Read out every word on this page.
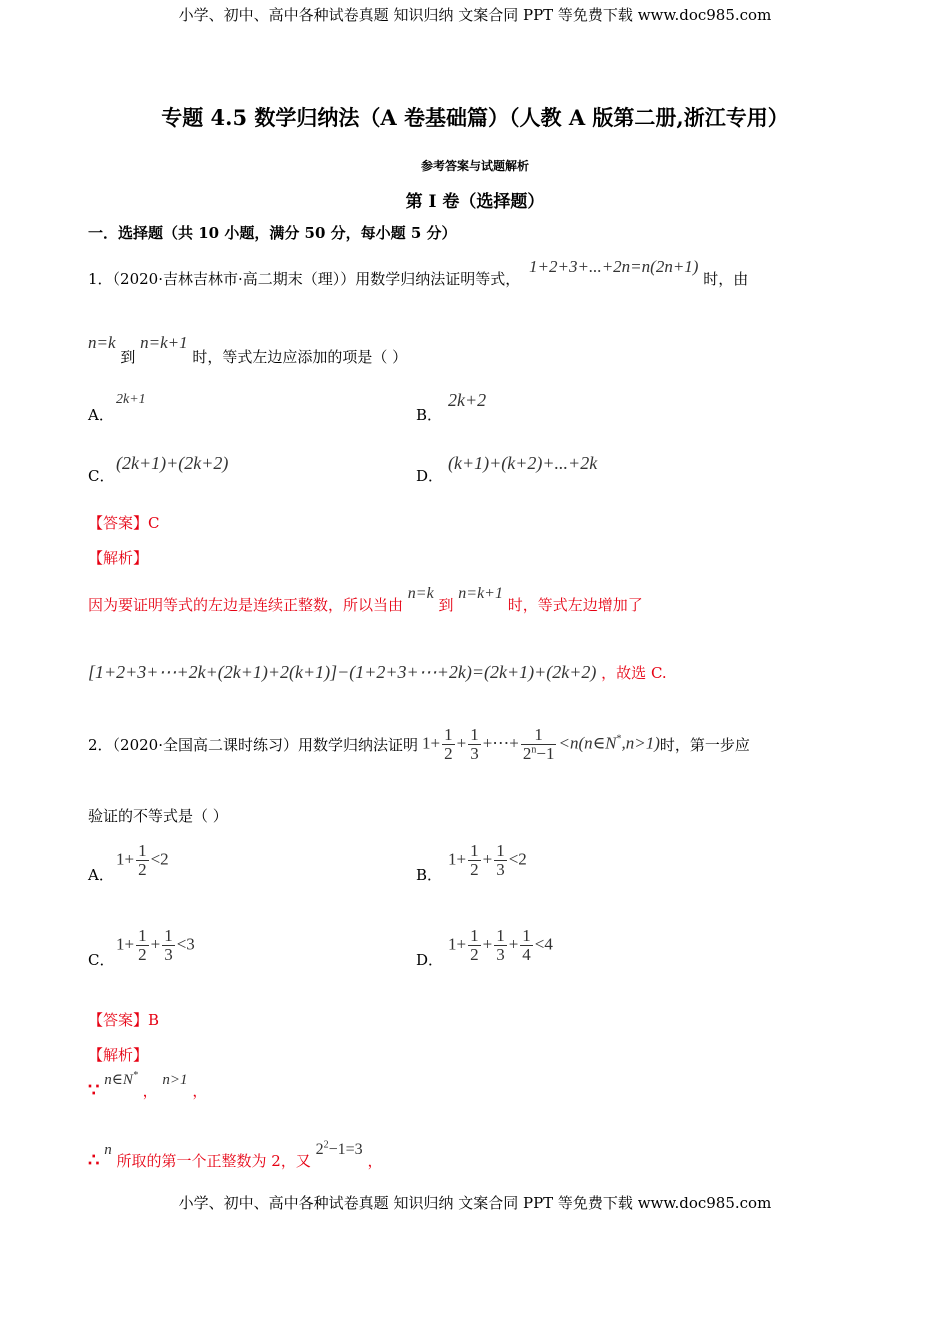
小学、初中、高中各种试卷真题 知识归纳 文案合同 PPT 等免费下载 www.doc985.com
专题 4.5 数学归纳法（A 卷基础篇）（人教 A 版第二册,浙江专用）
参考答案与试题解析
第 I 卷（选择题）
一．选择题（共 10 小题，满分 50 分，每小题 5 分）
1．（2020·吉林吉林市·高二期末（理））用数学归纳法证明等式， 1+2+3+...+2n=n(2n+1) 时，由
n=k 到 n=k+1 时，等式左边应添加的项是（ ）
A．
2k+1
B．
2k+2
C．
(2k+1)+(2k+2)
D．
(k+1)+(k+2)+...+2k
【答案】C
【解析】
因为要证明等式的左边是连续正整数，所以当由 n=k 到 n=k+1 时，等式左边增加了
[1+2+3+⋯+2k+(2k+1)+2(k+1)]−(1+2+3+⋯+2k)=(2k+1)+(2k+2) ，故选 C.
2．（2020·全国高二课时练习）用数学归纳法证明 $1+ \frac{1}{2} + \frac{1}{3}$ +⋯+ $\frac{1}{2^n-1}$ <n(n∈N*,n>1) 时，第一步应
验证的不等式是（ ）
A．
$1+ \frac{1}{2} <2$
B．
$1+ \frac{1}{2} + \frac{1}{3} <2$
C．
$1+ \frac{1}{2} + \frac{1}{3} <3$
D．
$1+ \frac{1}{2} + \frac{1}{3} + \frac{1}{4} <4$
【答案】B
【解析】
∵ n∈N* ， n>1 ，
∴ n 所取的第一个正整数为 2，又 $2^2-1=3$ ，
小学、初中、高中各种试卷真题 知识归纳 文案合同 PPT 等免费下载 www.doc985.com
